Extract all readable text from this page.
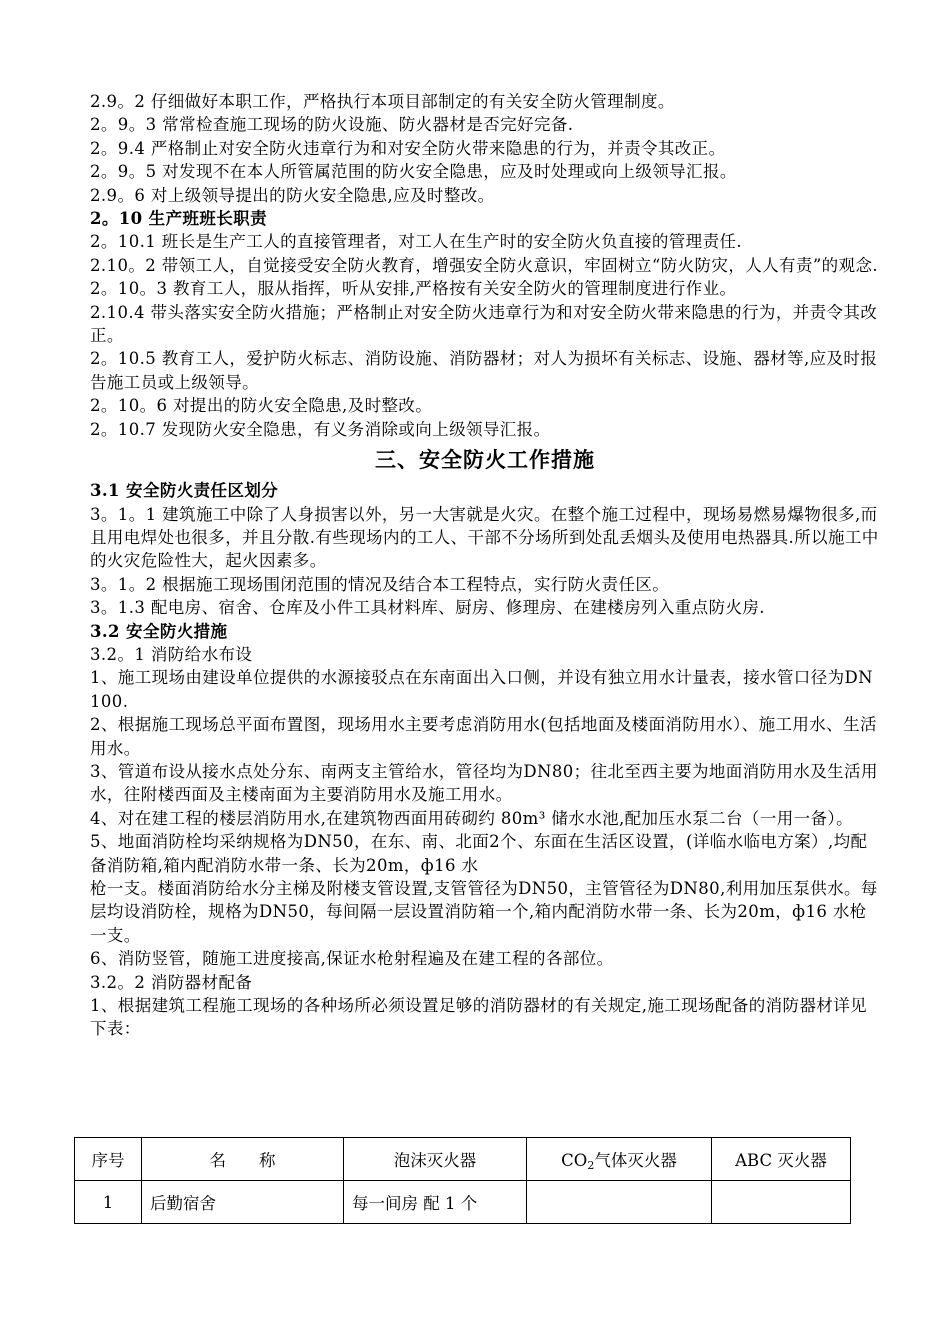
2.9。2 仔细做好本职工作，严格执行本项目部制定的有关安全防火管理制度。

2。9。3 常常检查施工现场的防火设施、防火器材是否完好完备.

2。9.4 严格制止对安全防火违章行为和对安全防火带来隐患的行为，并责令其改正。

2。9。5 对发现不在本人所管属范围的防火安全隐患，应及时处理或向上级领导汇报。

2.9。6 对上级领导提出的防火安全隐患,应及时整改。

2。10 生产班班长职责

2。10.1 班长是生产工人的直接管理者，对工人在生产时的安全防火负直接的管理责任.

2.10。2 带领工人，自觉接受安全防火教育，增强安全防火意识，牢固树立“防火防灾，人人有责”的观念.

2。10。3 教育工人，服从指挥，听从安排,严格按有关安全防火的管理制度进行作业。

2.10.4 带头落实安全防火措施；严格制止对安全防火违章行为和对安全防火带来隐患的行为，并责令其改正。

2。10.5 教育工人，爱护防火标志、消防设施、消防器材；对人为损坏有关标志、设施、器材等,应及时报告施工员或上级领导。

2。10。6 对提出的防火安全隐患,及时整改。

2。10.7 发现防火安全隐患，有义务消除或向上级领导汇报。

三、安全防火工作措施

3.1 安全防火责任区划分

3。1。1 建筑施工中除了人身损害以外，另一大害就是火灾。在整个施工过程中，现场易燃易爆物很多,而且用电焊处也很多，并且分散.有些现场内的工人、干部不分场所到处乱丢烟头及使用电热器具.所以施工中的火灾危险性大，起火因素多。

3。1。2 根据施工现场围闭范围的情况及结合本工程特点，实行防火责任区。

3。1.3 配电房、宿舍、仓库及小件工具材料库、厨房、修理房、在建楼房列入重点防火房.

3.2 安全防火措施

3.2。1 消防给水布设

1、施工现场由建设单位提供的水源接驳点在东南面出入口侧，并设有独立用水计量表，接水管口径为DN100.

2、根据施工现场总平面布置图，现场用水主要考虑消防用水(包括地面及楼面消防用水）、施工用水、生活用水。

3、管道布设从接水点处分东、南两支主管给水，管径均为DN80；往北至西主要为地面消防用水及生活用水，往附楼西面及主楼南面为主要消防用水及施工用水。

4、对在建工程的楼层消防用水,在建筑物西面用砖砌约 80m³ 储水水池,配加压水泵二台（一用一备）。

5、地面消防栓均采纳规格为DN50，在东、南、北面2个、东面在生活区设置，(详临水临电方案）,均配备消防箱,箱内配消防水带一条、长为20m，ф16 水

枪一支。楼面消防给水分主梯及附楼支管设置,支管管径为DN50，主管管径为DN80,利用加压泵供水。每层均设消防栓，规格为DN50，每间隔一层设置消防箱一个,箱内配消防水带一条、长为20m，ф16 水枪一支。

6、消防竖管，随施工进度接高,保证水枪射程遍及在建工程的各部位。

3.2。2 消防器材配备

1、根据建筑工程施工现场的各种场所必须设置足够的消防器材的有关规定,施工现场配备的消防器材详见下表：

序号	名　　称	泡沫灭火器	$CO_2$气体灭火器	ABC 灭火器
1	后勤宿舍	每一间房 配 1 个		
